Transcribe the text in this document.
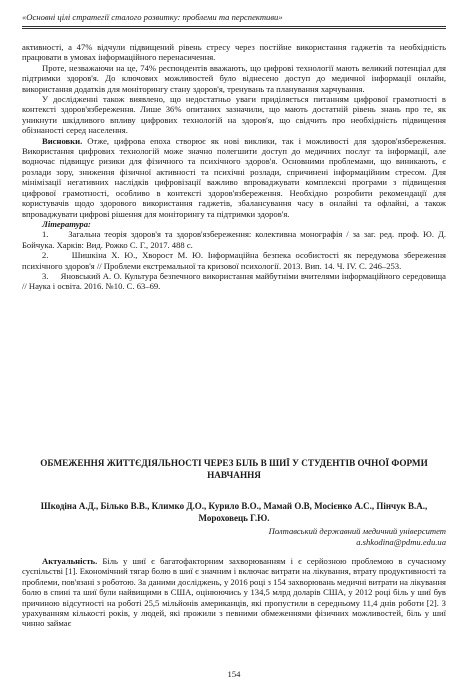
«Основні цілі стратегії сталого розвитку: проблеми та перспективи»

активності, а 47% відчули підвищений рівень стресу через постійне використання гаджетів та необхідність працювати в умовах інформаційного перенасичення.

Проте, незважаючи на це, 74% респондентів вважають, що цифрові технології мають великий потенціал для підтримки здоров'я. До ключових можливостей було віднесено доступ до медичної інформації онлайн, використання додатків для моніторингу стану здоров'я, тренувань та планування харчування.

У дослідженні також виявлено, що недостатньо уваги приділяється питанням цифрової грамотності в контексті здоров'язбереження. Лише 36% опитаних зазначили, що мають достатній рівень знань про те, як уникнути шкідливого впливу цифрових технологій на здоров'я, що свідчить про необхідність підвищення обізнаності серед населення.

Висновки. Отже, цифрова епоха створює як нові виклики, так і можливості для здоров'язбереження. Використання цифрових технологій може значно полегшити доступ до медичних послуг та інформації, але водночас підвищує ризики для фізичного та психічного здоров'я. Основними проблемами, що виникають, є розлади зору, зниження фізичної активності та психічні розлади, спричинені інформаційним стресом. Для мінімізації негативних наслідків цифровізації важливо впроваджувати комплексні програми з підвищення цифрової грамотності, особливо в контексті здоров'язбереження. Необхідно розробити рекомендації для користувачів щодо здорового використання гаджетів, збалансування часу в онлайні та офлайні, а також впроваджувати цифрові рішення для моніторингу та підтримки здоров'я.

Література:

1.     Загальна теорія здоров'я та здоров'язбереження: колективна монографія / за заг. ред. проф. Ю. Д. Бойчука. Харків: Вид. Рожко С. Г., 2017. 488 с.

2.     Шишкіна Х. Ю., Хворост М. Ю. Інформаційна безпека особистості як передумова збереження психічного здоров'я // Проблеми екстремальної та кризової психології. 2013. Вип. 14. Ч. IV. С. 246–253.

3.     Яновський А. О. Культура безпечного використання майбутніми вчителями інформаційного середовища // Наука і освіта. 2016. №10. С. 63–69.

ОБМЕЖЕННЯ ЖИТТЄДІЯЛЬНОСТІ ЧЕРЕЗ БІЛЬ В ШИЇ У СТУДЕНТІВ ОЧНОЇ ФОРМИ НАВЧАННЯ
Шкодіна А.Д., Білько В.В., Климко Д.О., Курило В.О., Мамай О.В, Мосієнко А.С., Пінчук В.А., Мороховець Г.Ю.
Полтавський державний медичний університет
a.shkodina@pdmu.edu.ua

Актуальність. Біль у шиї є багатофакторним захворюванням і є серйозною проблемою в сучасному суспільстві [1]. Економічний тягар болю в шиї є значним і включає витрати на лікування, втрату продуктивності та проблеми, пов'язані з роботою. За даними досліджень, у 2016 році з 154 захворювань медичні витрати на лікування болю в спині та шиї були найвищими в США, оцінюючись у 134,5 млрд доларів США, у 2012 році біль у шиї був причиною відсутності на роботі 25,5 мільйонів американців, які пропустили в середньому 11,4 днів роботи [2]. З урахуванням кількості років, у людей, які прожили з певними обмеженнями фізичних можливостей, біль у шиї чинно займає

154
